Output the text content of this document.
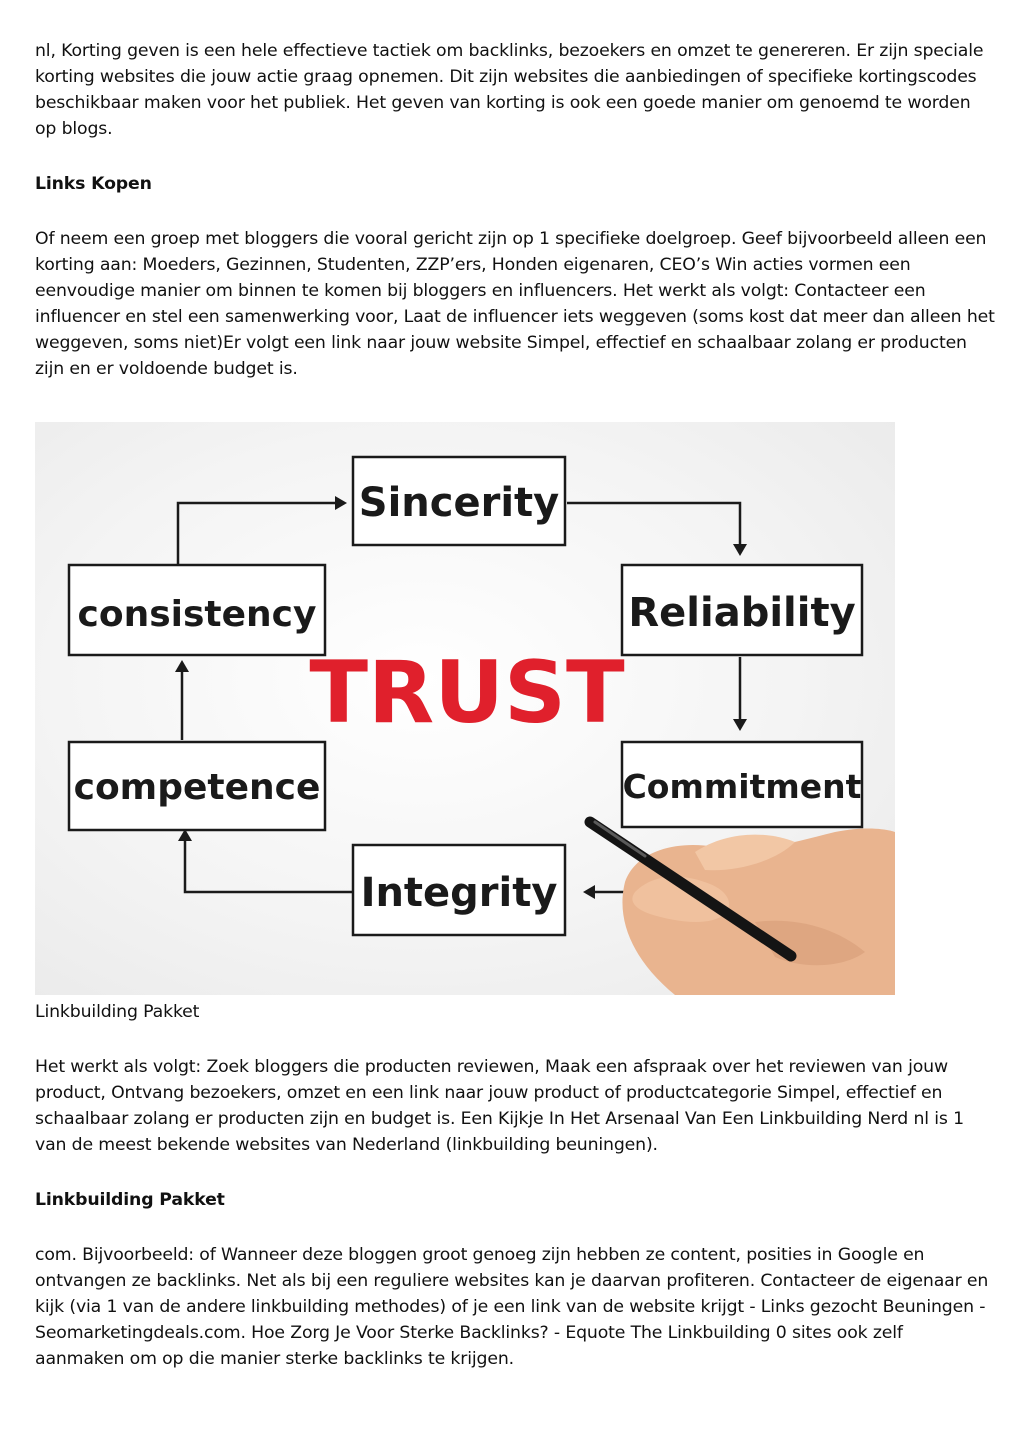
nl, Korting geven is een hele effectieve tactiek om backlinks, bezoekers en omzet te genereren. Er zijn speciale korting websites die jouw actie graag opnemen. Dit zijn websites die aanbiedingen of specifieke kortingscodes beschikbaar maken voor het publiek. Het geven van korting is ook een goede manier om genoemd te worden op blogs.

Links Kopen

Of neem een groep met bloggers die vooral gericht zijn op 1 specifieke doelgroep. Geef bijvoorbeeld alleen een korting aan: Moeders, Gezinnen, Studenten, ZZP’ers, Honden eigenaren, CEO’s Win acties vormen een eenvoudige manier om binnen te komen bij bloggers en influencers. Het werkt als volgt: Contacteer een influencer en stel een samenwerking voor, Laat de influencer iets weggeven (soms kost dat meer dan alleen het weggeven, soms niet)Er volgt een link naar jouw website Simpel, effectief en schaalbaar zolang er producten zijn en er voldoende budget is.

Sincerity
Reliability
Commitment
Integrity
competence
consistency
TRUST

Linkbuilding Pakket

Het werkt als volgt: Zoek bloggers die producten reviewen, Maak een afspraak over het reviewen van jouw product, Ontvang bezoekers, omzet en een link naar jouw product of productcategorie Simpel, effectief en schaalbaar zolang er producten zijn en budget is. Een Kijkje In Het Arsenaal Van Een Linkbuilding Nerd nl is 1 van de meest bekende websites van Nederland (linkbuilding beuningen).

Linkbuilding Pakket

com. Bijvoorbeeld: of Wanneer deze bloggen groot genoeg zijn hebben ze content, posities in Google en ontvangen ze backlinks. Net als bij een reguliere websites kan je daarvan profiteren. Contacteer de eigenaar en kijk (via 1 van de andere linkbuilding methodes) of je een link van de website krijgt - Links gezocht Beuningen - Seomarketingdeals.com. Hoe Zorg Je Voor Sterke Backlinks? - Equote The Linkbuilding 0 sites ook zelf aanmaken om op die manier sterke backlinks te krijgen.
